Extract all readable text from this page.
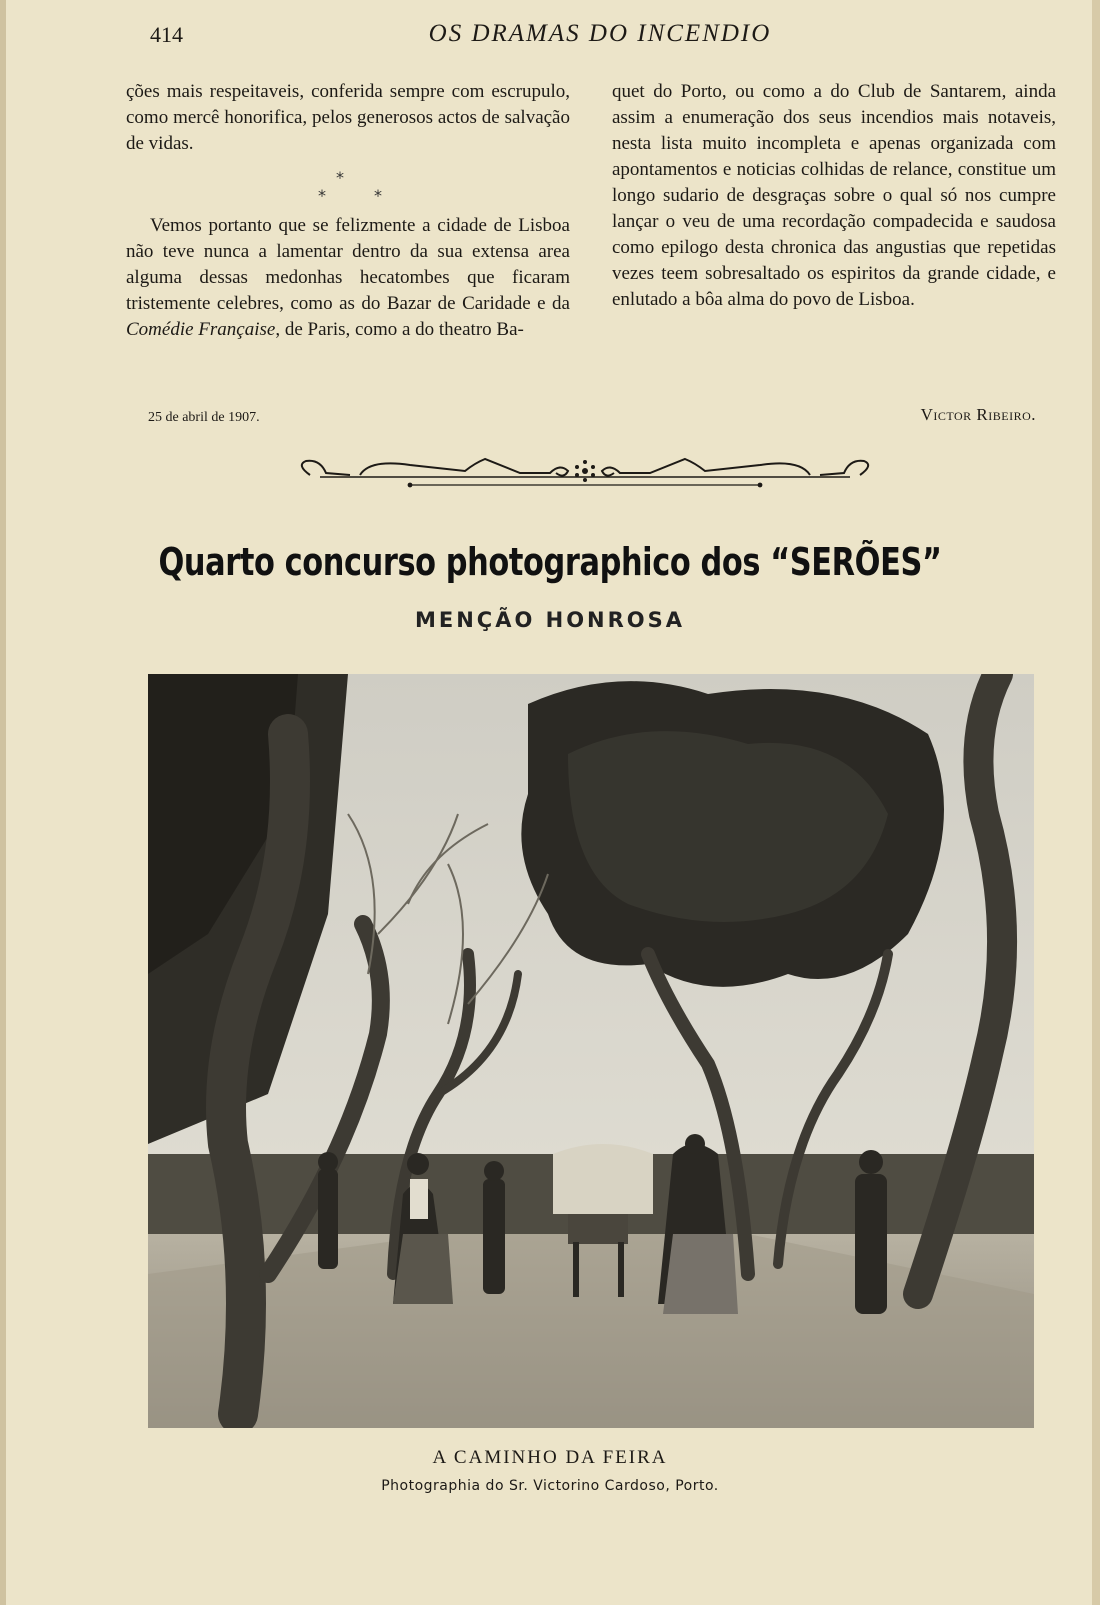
414	OS DRAMAS DO INCENDIO

ções mais respeitaveis, conferida sempre com escrupulo, como mercê honorifica, pelos generosos actos de salvação de vidas.

*
*	*

Vemos portanto que se felizmente a cidade de Lisboa não teve nunca a lamentar dentro da sua extensa area alguma dessas medonhas hecatombes que ficaram tristemente celebres, como as do Bazar de Caridade e da Comédie Française, de Paris, como a do theatro Ba-

quet do Porto, ou como a do Club de Santarem, ainda assim a enumeração dos seus incendios mais notaveis, nesta lista muito incompleta e apenas organizada com apontamentos e noticias colhidas de relance, constitue um longo sudario de desgraças sobre o qual só nos cumpre lançar o veu de uma recordação compadecida e saudosa como epilogo desta chronica das angustias que repetidas vezes teem sobresaltado os espiritos da grande cidade, e enlutado a bôa alma do povo de Lisboa.

25 de abril de 1907.	Victor Ribeiro.
Quarto concurso photographico dos “SERÕES”
MENÇÃO HONROSA
A CAMINHO DA FEIRA
Photographia do Sr. Victorino Cardoso, Porto.
